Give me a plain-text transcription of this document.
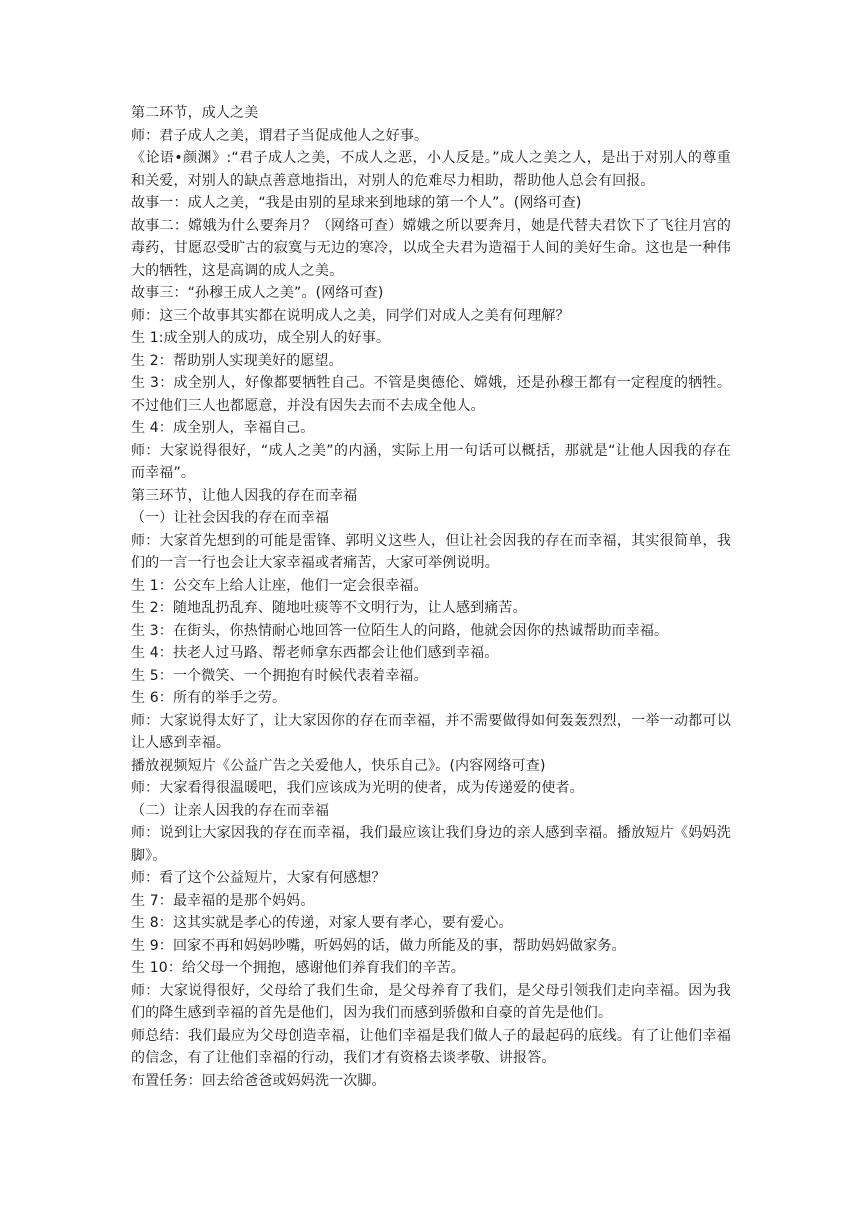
第二环节，成人之美

师：君子成人之美，谓君子当促成他人之好事。

《论语•颜渊》:“君子成人之美，不成人之恶，小人反是。”成人之美之人，是出于对别人的尊重和关爱，对别人的缺点善意地指出，对别人的危难尽力相助，帮助他人总会有回报。

故事一：成人之美，“我是由别的星球来到地球的第一个人”。(网络可查)

故事二：嫦娥为什么要奔月？（网络可查）嫦娥之所以要奔月，她是代替夫君饮下了飞往月宫的毒药，甘愿忍受旷古的寂寞与无边的寒冷，以成全夫君为造福于人间的美好生命。这也是一种伟大的牺牲，这是高调的成人之美。

故事三：“孙穆王成人之美”。(网络可查)

师：这三个故事其实都在说明成人之美，同学们对成人之美有何理解？

生 1:成全别人的成功，成全别人的好事。

生 2：帮助别人实现美好的愿望。

生 3：成全别人，好像都要牺牲自己。不管是奥德伦、嫦娥，还是孙穆王都有一定程度的牺牲。不过他们三人也都愿意，并没有因失去而不去成全他人。

生 4：成全别人，幸福自己。

师：大家说得很好，“成人之美”的内涵，实际上用一句话可以概括，那就是“让他人因我的存在而幸福”。

第三环节，让他人因我的存在而幸福

（一）让社会因我的存在而幸福

师：大家首先想到的可能是雷锋、郭明义这些人，但让社会因我的存在而幸福，其实很简单，我们的一言一行也会让大家幸福或者痛苦，大家可举例说明。

生 1：公交车上给人让座，他们一定会很幸福。

生 2：随地乱扔乱弃、随地吐痰等不文明行为，让人感到痛苦。

生 3：在街头，你热情耐心地回答一位陌生人的问路，他就会因你的热诚帮助而幸福。

生 4：扶老人过马路、帮老师拿东西都会让他们感到幸福。

生 5：一个微笑、一个拥抱有时候代表着幸福。

生 6：所有的举手之劳。

师：大家说得太好了，让大家因你的存在而幸福，并不需要做得如何轰轰烈烈，一举一动都可以让人感到幸福。

播放视频短片《公益广告之关爱他人，快乐自己》。(内容网络可查)

师：大家看得很温暖吧，我们应该成为光明的使者，成为传递爱的使者。

（二）让亲人因我的存在而幸福

师：说到让大家因我的存在而幸福，我们最应该让我们身边的亲人感到幸福。播放短片《妈妈洗脚》。

师：看了这个公益短片，大家有何感想？

生 7：最幸福的是那个妈妈。

生 8：这其实就是孝心的传递，对家人要有孝心，要有爱心。

生 9：回家不再和妈妈吵嘴，听妈妈的话，做力所能及的事，帮助妈妈做家务。

生 10：给父母一个拥抱，感谢他们养育我们的辛苦。

师：大家说得很好，父母给了我们生命，是父母养育了我们，是父母引领我们走向幸福。因为我们的降生感到幸福的首先是他们，因为我们而感到骄傲和自豪的首先是他们。

师总结：我们最应为父母创造幸福，让他们幸福是我们做人子的最起码的底线。有了让他们幸福的信念，有了让他们幸福的行动，我们才有资格去谈孝敬、讲报答。

布置任务：回去给爸爸或妈妈洗一次脚。
